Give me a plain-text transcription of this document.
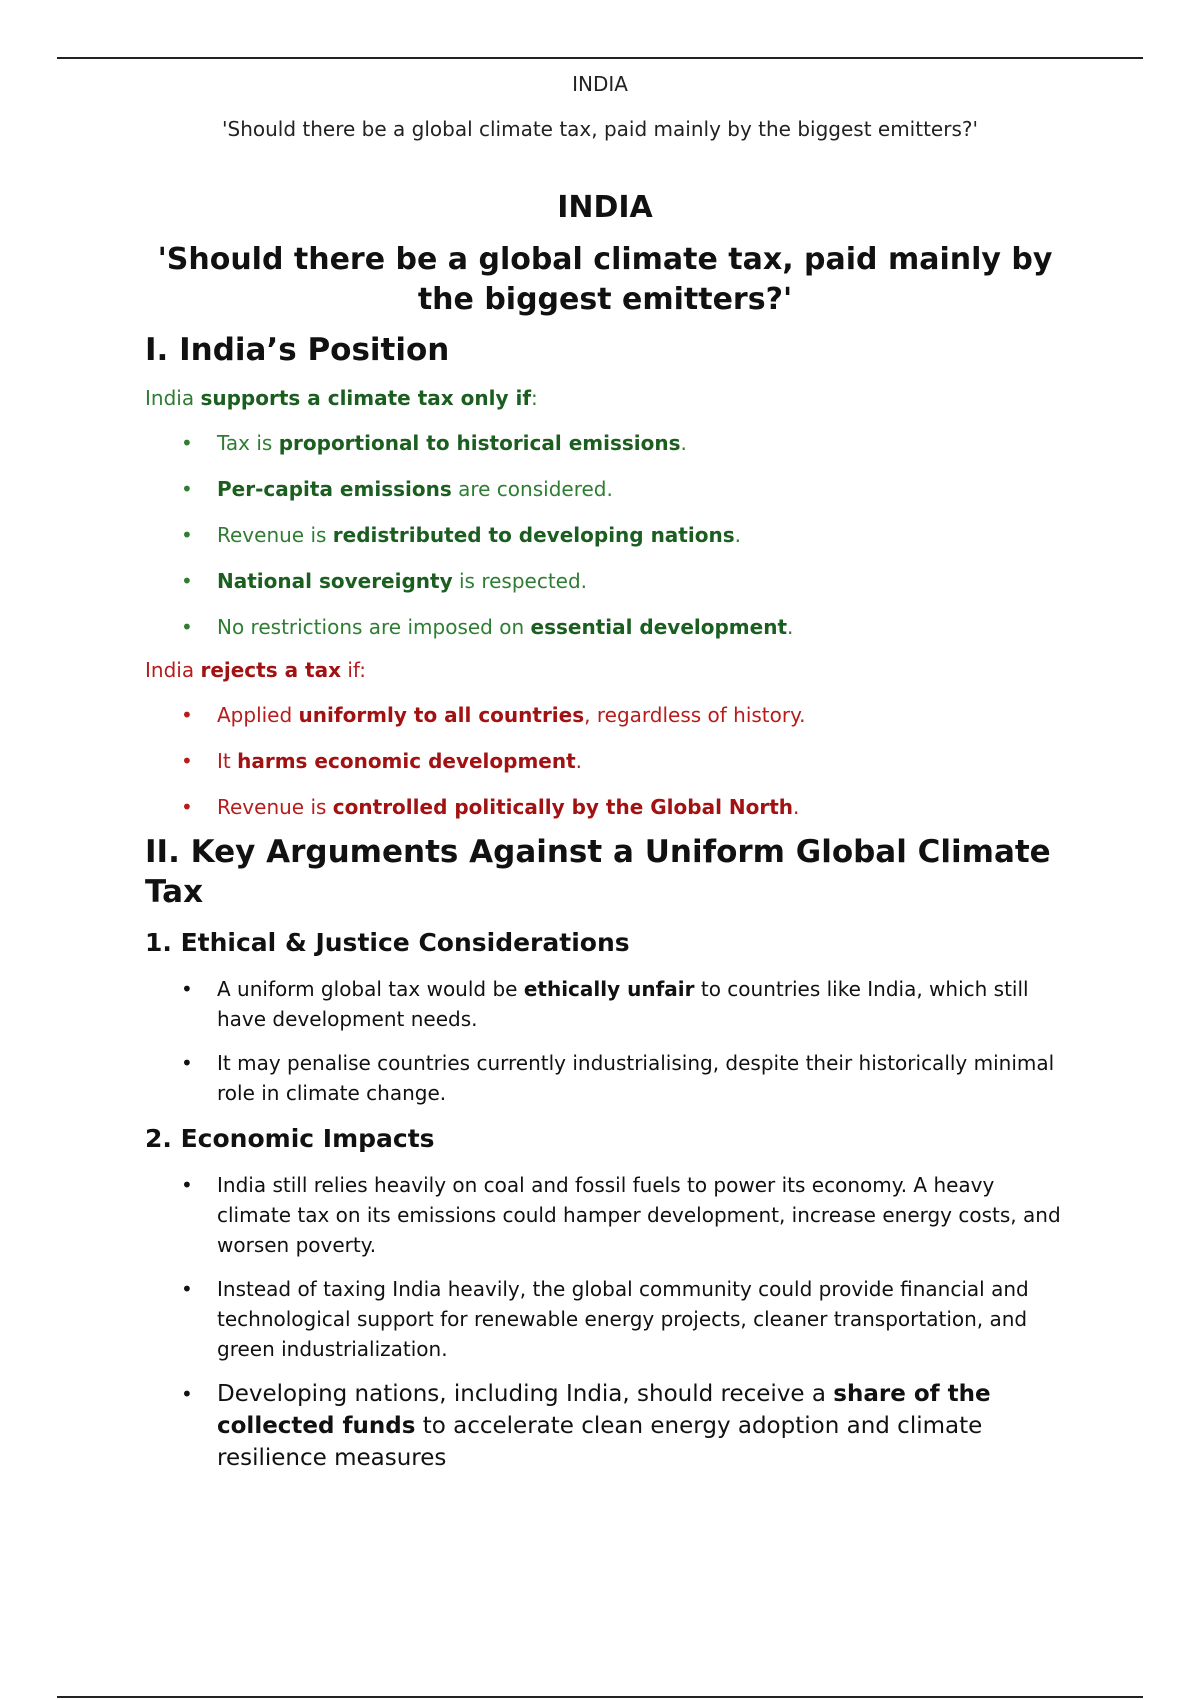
INDIA
'Should there be a global climate tax, paid mainly by the biggest emitters?'
INDIA
'Should there be a global climate tax, paid mainly by the biggest emitters?'
I. India’s Position

India supports a climate tax only if:

• Tax is proportional to historical emissions.
• Per-capita emissions are considered.
• Revenue is redistributed to developing nations.
• National sovereignty is respected.
• No restrictions are imposed on essential development.

India rejects a tax if:

• Applied uniformly to all countries, regardless of history.
• It harms economic development.
• Revenue is controlled politically by the Global North.
II. Key Arguments Against a Uniform Global Climate Tax
1. Ethical & Justice Considerations
• A uniform global tax would be ethically unfair to countries like India, which still have development needs.
• It may penalise countries currently industrialising, despite their historically minimal role in climate change.
2. Economic Impacts
• India still relies heavily on coal and fossil fuels to power its economy. A heavy climate tax on its emissions could hamper development, increase energy costs, and worsen poverty.
• Instead of taxing India heavily, the global community could provide financial and technological support for renewable energy projects, cleaner transportation, and green industrialization.
• Developing nations, including India, should receive a share of the collected funds to accelerate clean energy adoption and climate resilience measures
